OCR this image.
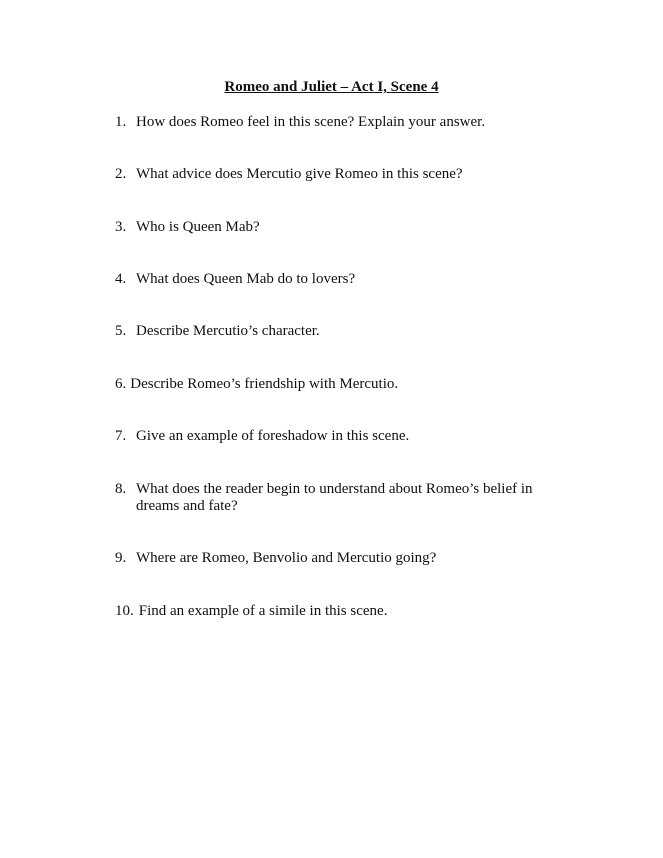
Romeo and Juliet – Act I, Scene 4
1. How does Romeo feel in this scene? Explain your answer.
2. What advice does Mercutio give Romeo in this scene?
3. Who is Queen Mab?
4. What does Queen Mab do to lovers?
5. Describe Mercutio’s character.
6. Describe Romeo’s friendship with Mercutio.
7. Give an example of foreshadow in this scene.
8. What does the reader begin to understand about Romeo’s belief in
dreams and fate?
9. Where are Romeo, Benvolio and Mercutio going?
10. Find an example of a simile in this scene.
